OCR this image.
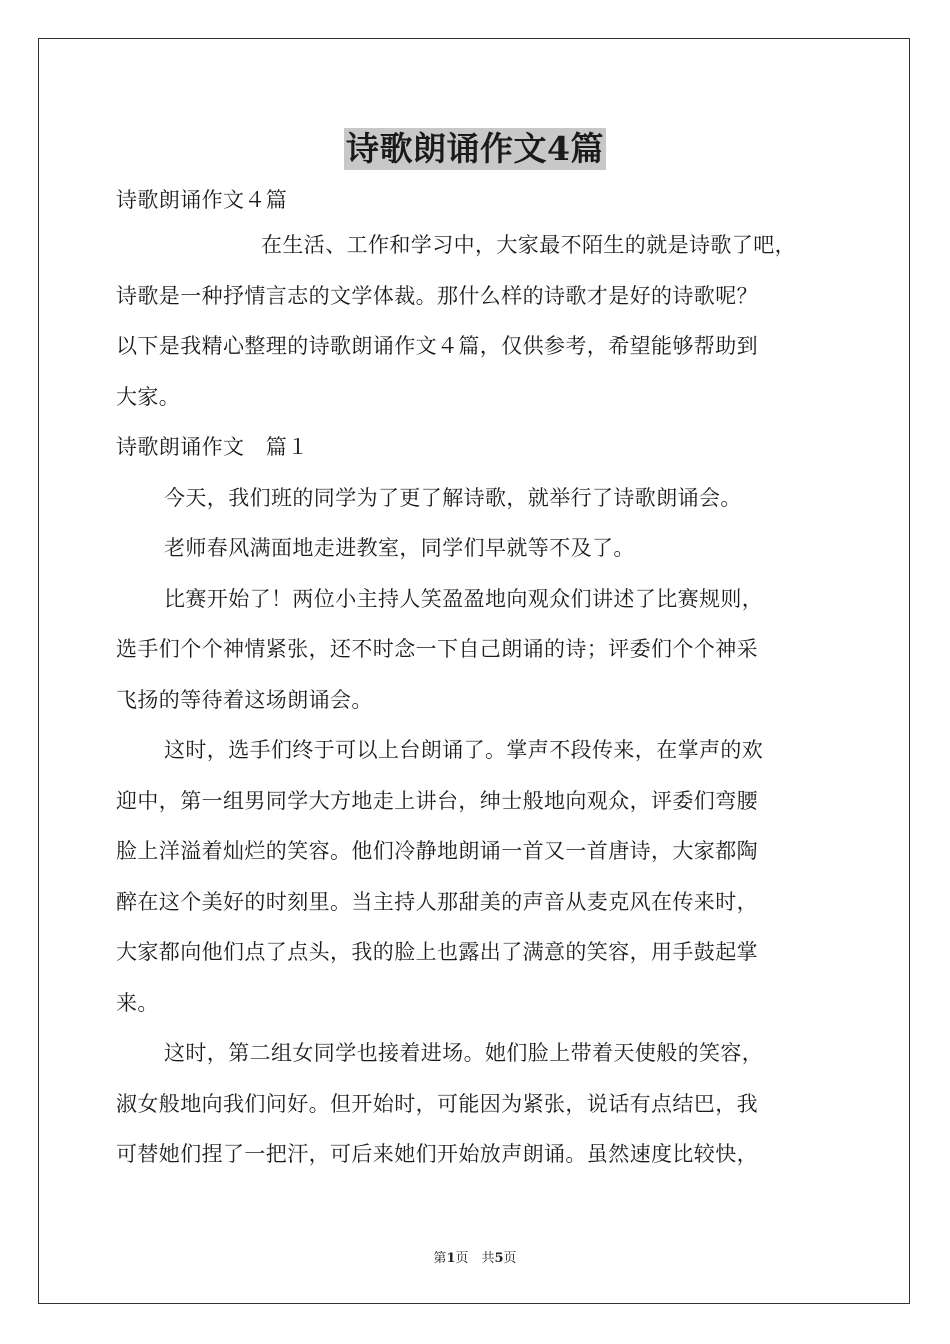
诗歌朗诵作文4篇
诗歌朗诵作文４篇
在生活、工作和学习中，大家最不陌生的就是诗歌了吧，
诗歌是一种抒情言志的文学体裁。那什么样的诗歌才是好的诗歌呢？
以下是我精心整理的诗歌朗诵作文４篇，仅供参考，希望能够帮助到
大家。
诗歌朗诵作文　篇１
今天，我们班的同学为了更了解诗歌，就举行了诗歌朗诵会。
老师春风满面地走进教室，同学们早就等不及了。
比赛开始了！两位小主持人笑盈盈地向观众们讲述了比赛规则，
选手们个个神情紧张，还不时念一下自己朗诵的诗；评委们个个神采
飞扬的等待着这场朗诵会。
这时，选手们终于可以上台朗诵了。掌声不段传来，在掌声的欢
迎中，第一组男同学大方地走上讲台，绅士般地向观众，评委们弯腰
脸上洋溢着灿烂的笑容。他们冷静地朗诵一首又一首唐诗，大家都陶
醉在这个美好的时刻里。当主持人那甜美的声音从麦克风在传来时，
大家都向他们点了点头，我的脸上也露出了满意的笑容，用手鼓起掌
来。
这时，第二组女同学也接着进场。她们脸上带着天使般的笑容，
淑女般地向我们问好。但开始时，可能因为紧张，说话有点结巴，我
可替她们捏了一把汗，可后来她们开始放声朗诵。虽然速度比较快，
第1页　共5页
